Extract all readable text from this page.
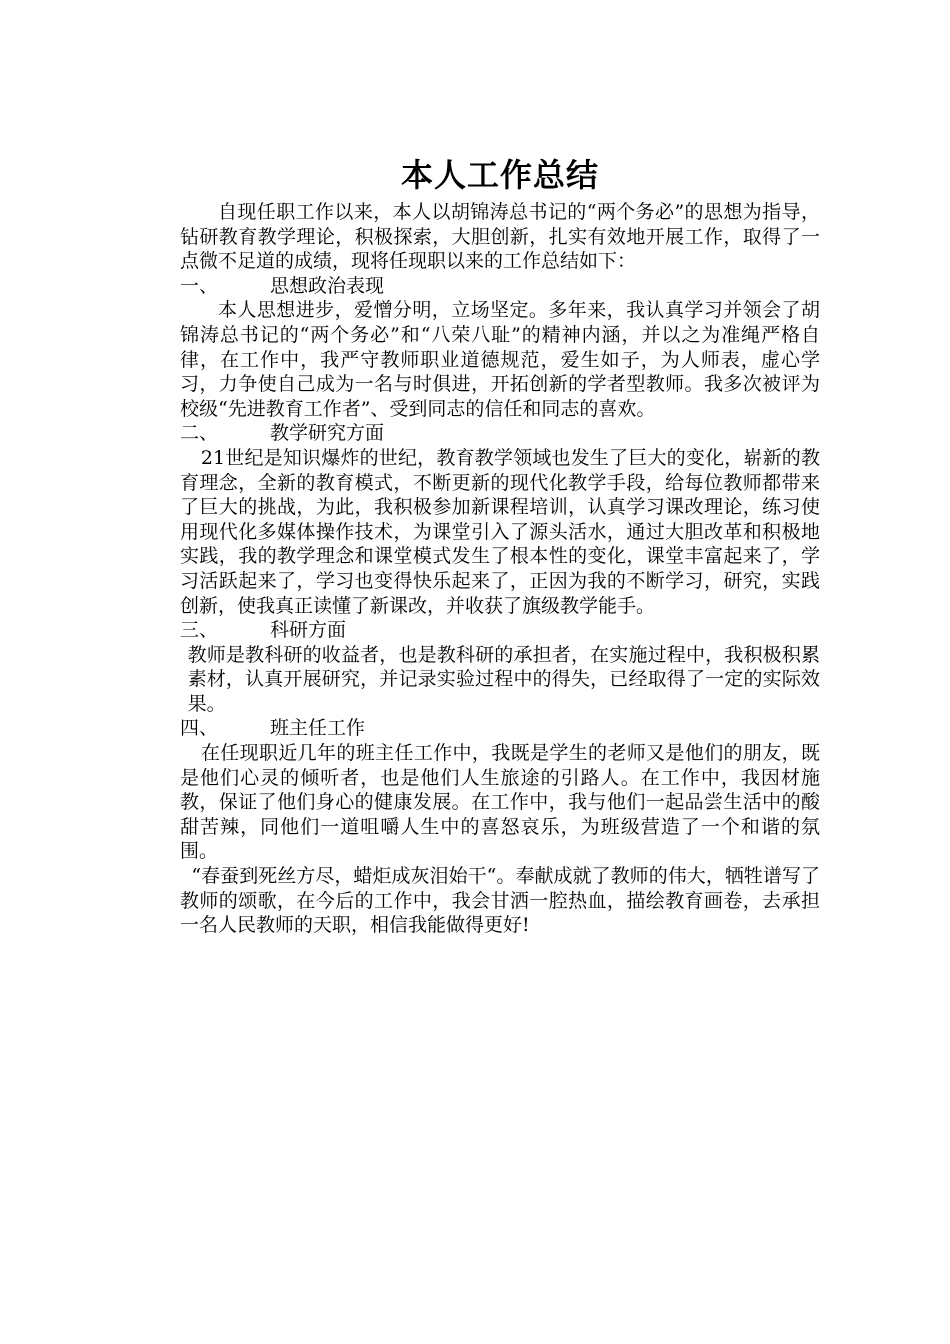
本人工作总结

自现任职工作以来，本人以胡锦涛总书记的“两个务必”的思想为指导，钻研教育教学理论，积极探索，大胆创新，扎实有效地开展工作，取得了一点微不足道的成绩，现将任现职以来的工作总结如下：

一、	思想政治表现

本人思想进步，爱憎分明，立场坚定。多年来，我认真学习并领会了胡锦涛总书记的“两个务必”和“八荣八耻”的精神内涵，并以之为准绳严格自律，在工作中，我严守教师职业道德规范，爱生如子，为人师表，虚心学习，力争使自己成为一名与时俱进，开拓创新的学者型教师。我多次被评为校级“先进教育工作者”、受到同志的信任和同志的喜欢。

二、	教学研究方面

21世纪是知识爆炸的世纪，教育教学领域也发生了巨大的变化，崭新的教育理念，全新的教育模式，不断更新的现代化教学手段，给每位教师都带来了巨大的挑战，为此，我积极参加新课程培训，认真学习课改理论，练习使用现代化多媒体操作技术，为课堂引入了源头活水，通过大胆改革和积极地实践，我的教学理念和课堂模式发生了根本性的变化，课堂丰富起来了，学习活跃起来了，学习也变得快乐起来了，正因为我的不断学习，研究，实践创新，使我真正读懂了新课改，并收获了旗级教学能手。

三、	科研方面

教师是教科研的收益者，也是教科研的承担者，在实施过程中，我积极积累素材，认真开展研究，并记录实验过程中的得失，已经取得了一定的实际效果。

四、	班主任工作

在任现职近几年的班主任工作中，我既是学生的老师又是他们的朋友，既是他们心灵的倾听者，也是他们人生旅途的引路人。在工作中，我因材施教，保证了他们身心的健康发展。在工作中，我与他们一起品尝生活中的酸甜苦辣，同他们一道咀嚼人生中的喜怒哀乐，为班级营造了一个和谐的氛围。

“春蚕到死丝方尽，蜡炬成灰泪始干“。奉献成就了教师的伟大，牺牲谱写了教师的颂歌，在今后的工作中，我会甘洒一腔热血，描绘教育画卷，去承担一名人民教师的天职，相信我能做得更好!
